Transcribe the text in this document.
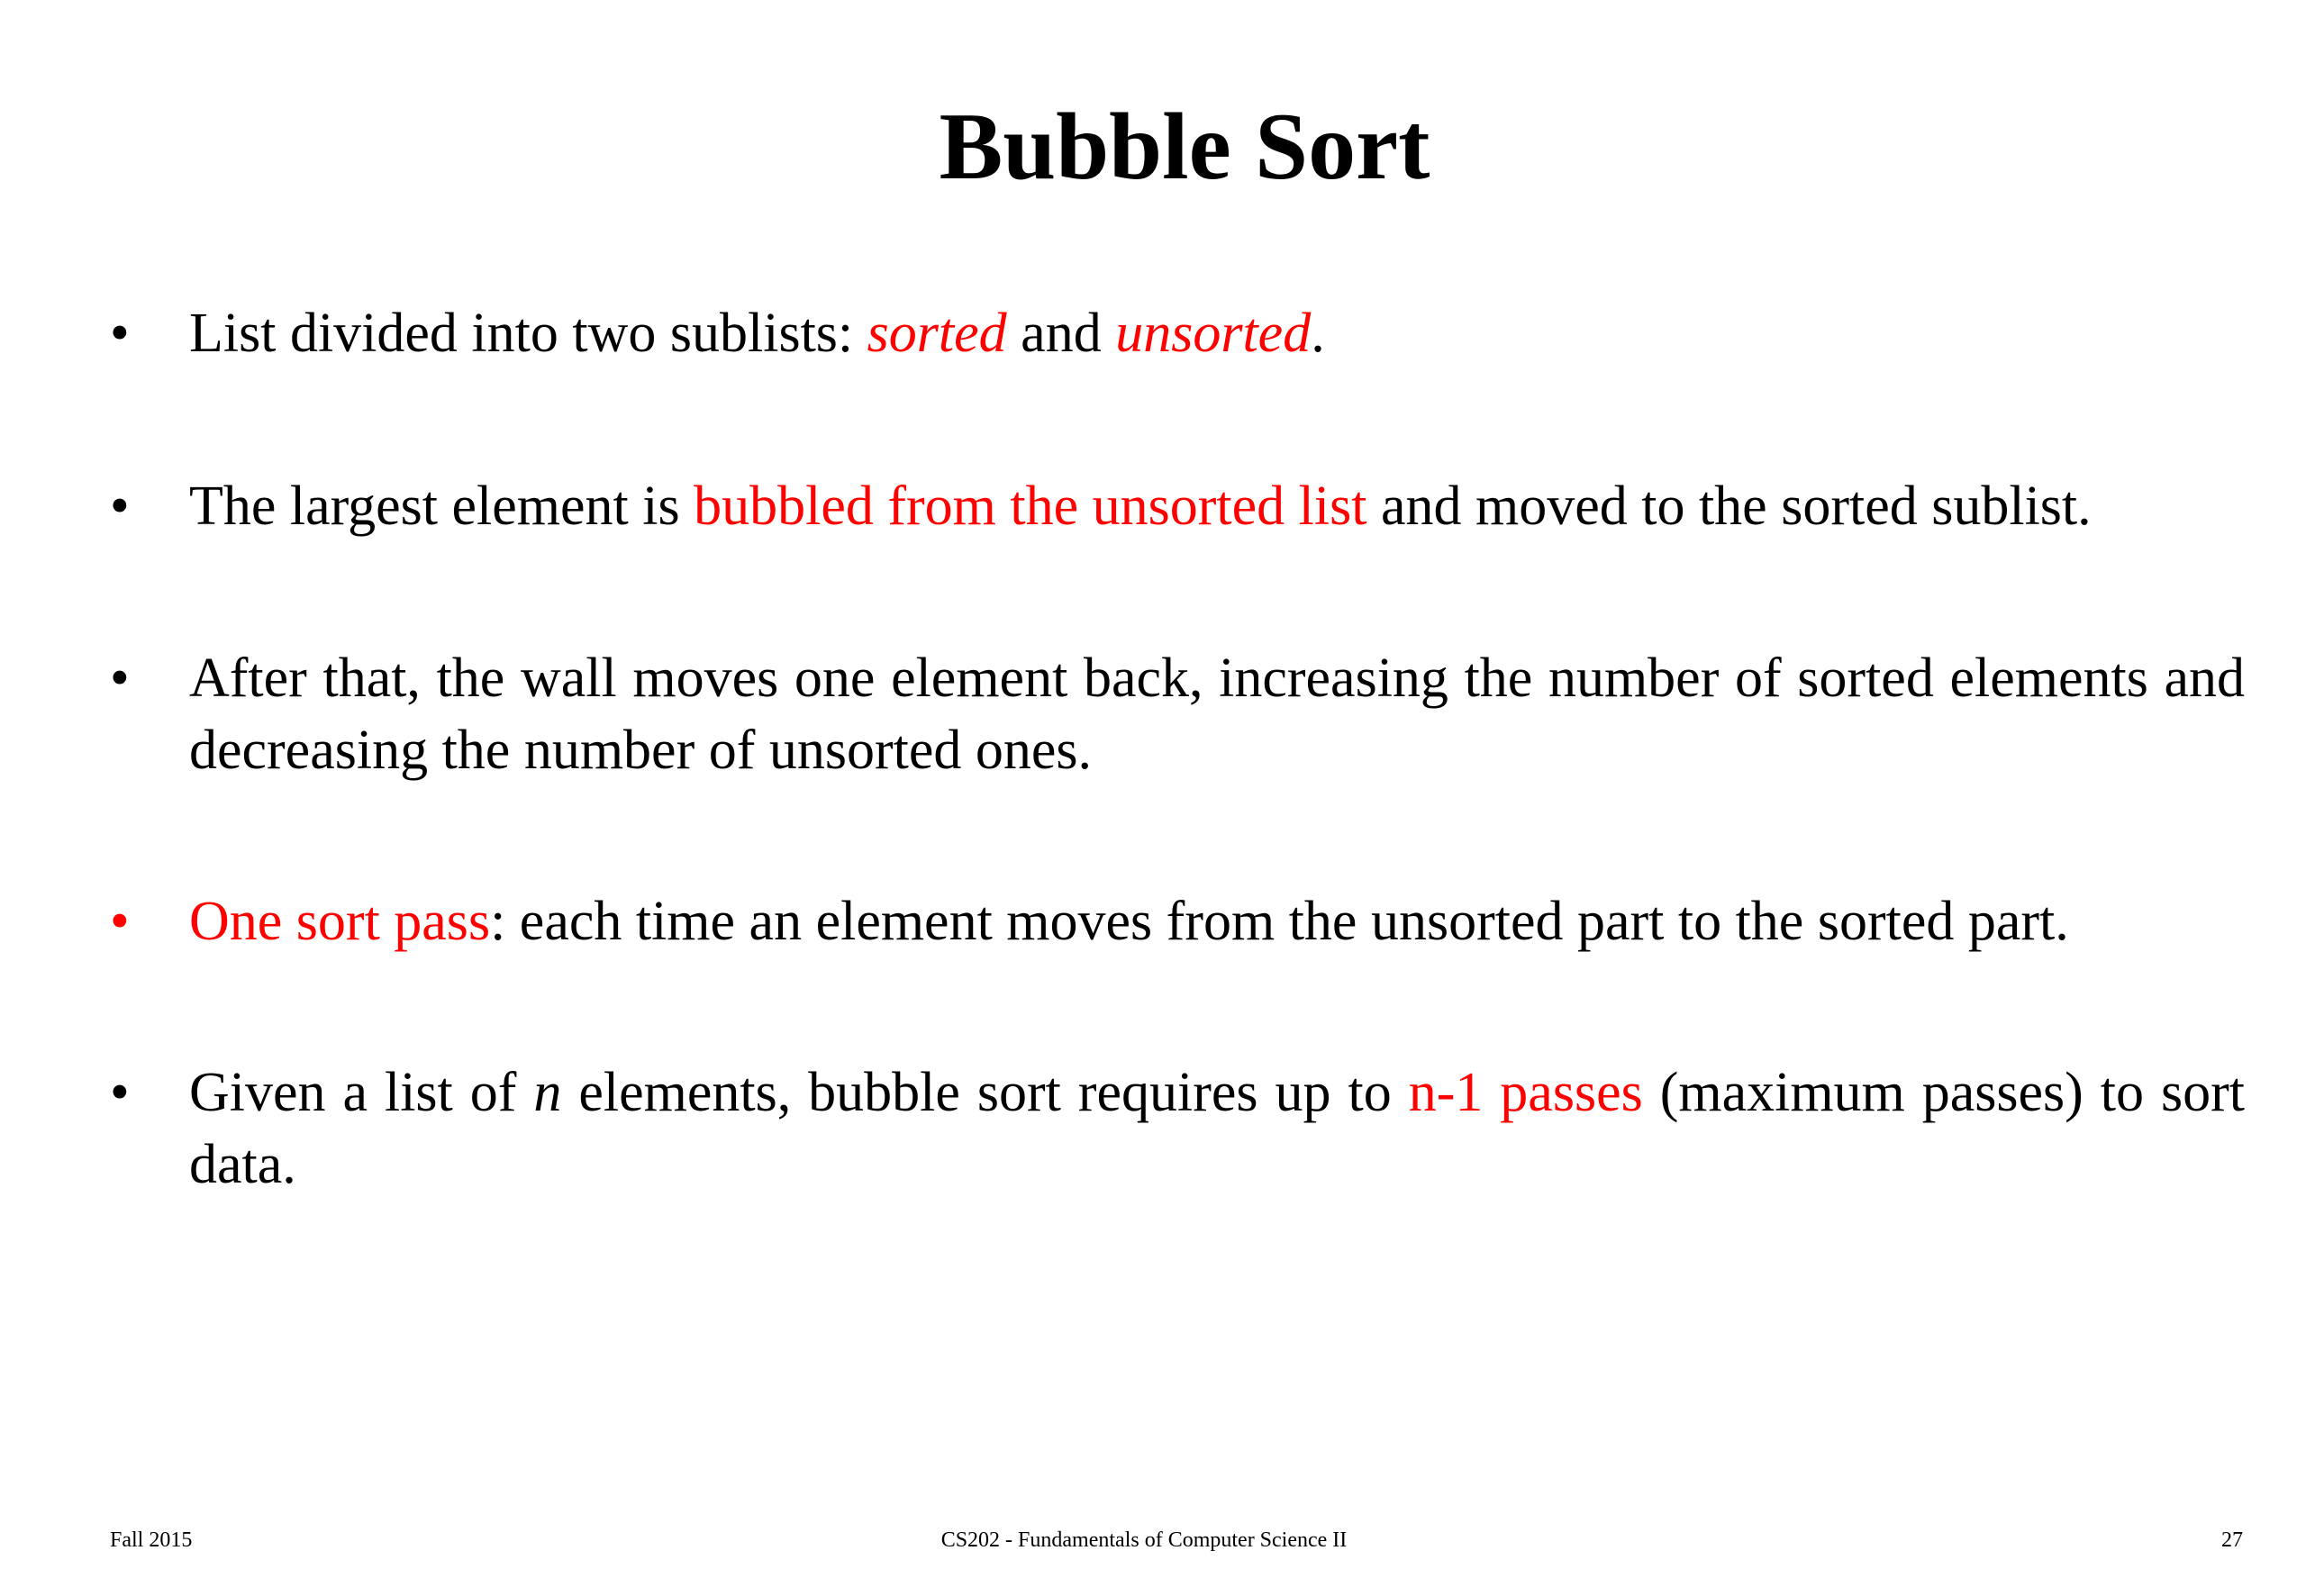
Bubble Sort
• List divided into two sublists: sorted and unsorted.
• The largest element is bubbled from the unsorted list and moved to the sorted sublist.
• After that, the wall moves one element back, increasing the number of sorted elements and decreasing the number of unsorted ones.
• One sort pass: each time an element moves from the unsorted part to the sorted part.
• Given a list of n elements, bubble sort requires up to n-1 passes (maximum passes) to sort data.
Fall 2015	CS202 - Fundamentals of Computer Science II	27
